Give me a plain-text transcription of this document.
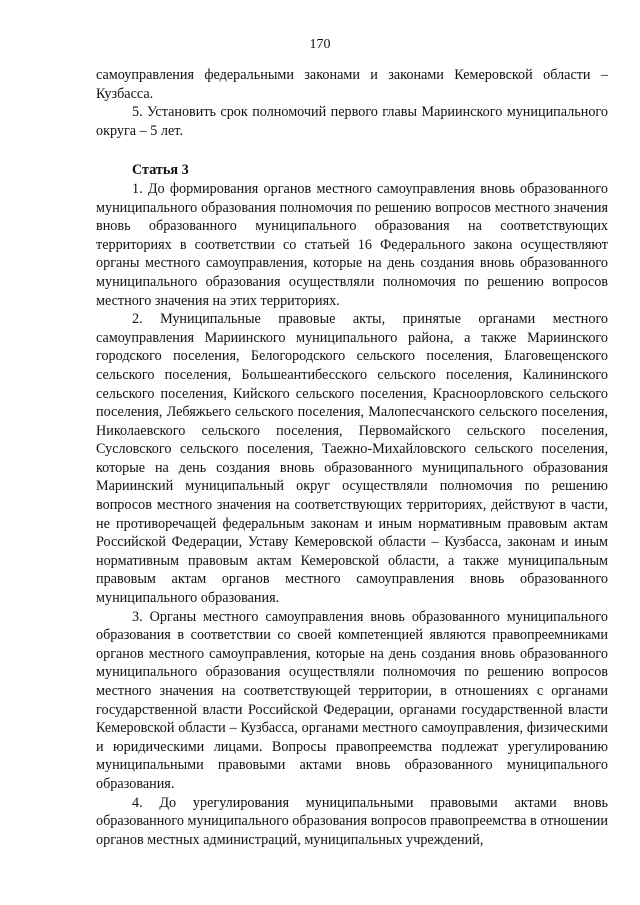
170

самоуправления федеральными законами и законами Кемеровской области – Кузбасса.

5. Установить срок полномочий первого главы Мариинского муниципального округа – 5 лет.

Статья 3

1. До формирования органов местного самоуправления вновь образованного муниципального образования полномочия по решению вопросов местного значения вновь образованного муниципального образования на соответствующих территориях в соответствии со статьей 16 Федерального закона осуществляют органы местного самоуправления, которые на день создания вновь образованного муниципального образования осуществляли полномочия по решению вопросов местного значения на этих территориях.

2. Муниципальные правовые акты, принятые органами местного самоуправления Мариинского муниципального района, а также Мариинского городского поселения, Белогородского сельского поселения, Благовещенского сельского поселения, Большеантибесского сельского поселения, Калининского сельского поселения, Кийского сельского поселения, Красноорловского сельского поселения, Лебяжьего сельского поселения, Малопесчанского сельского поселения, Николаевского сельского поселения, Первомайского сельского поселения, Сусловского сельского поселения, Таежно-Михайловского сельского поселения, которые на день создания вновь образованного муниципального образования Мариинский муниципальный округ осуществляли полномочия по решению вопросов местного значения на соответствующих территориях, действуют в части, не противоречащей федеральным законам и иным нормативным правовым актам Российской Федерации, Уставу Кемеровской области – Кузбасса, законам и иным нормативным правовым актам Кемеровской области, а также муниципальным правовым актам органов местного самоуправления вновь образованного муниципального образования.

3. Органы местного самоуправления вновь образованного муниципального образования в соответствии со своей компетенцией являются правопреемниками органов местного самоуправления, которые на день создания вновь образованного муниципального образования осуществляли полномочия по решению вопросов местного значения на соответствующей территории, в отношениях с органами государственной власти Российской Федерации, органами государственной власти Кемеровской области – Кузбасса, органами местного самоуправления, физическими и юридическими лицами. Вопросы правопреемства подлежат урегулированию муниципальными правовыми актами вновь образованного муниципального образования.

4. До урегулирования муниципальными правовыми актами вновь образованного муниципального образования вопросов правопреемства в отношении органов местных администраций, муниципальных учреждений,
